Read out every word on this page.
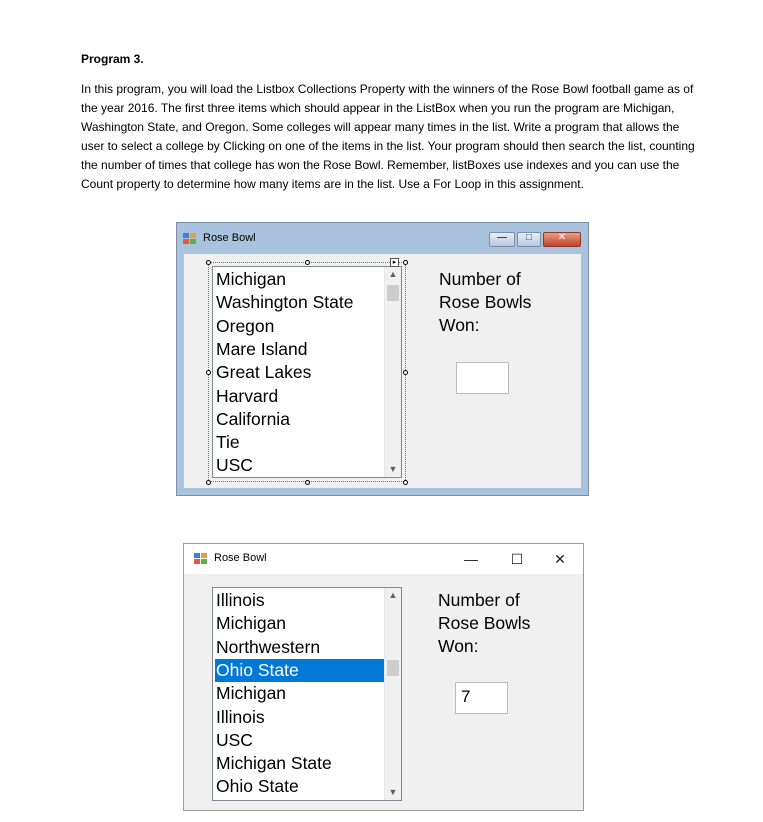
Program 3.
In this program, you will load the Listbox Collections Property with the winners of the Rose Bowl football game as of the year 2016. The first three items which should appear in the ListBox when you run the program are Michigan, Washington State, and Oregon. Some colleges will appear many times in the list. Write a program that allows the user to select a college by Clicking on one of the items in the list. Your program should then search the list, counting the number of times that college has won the Rose Bowl. Remember, listBoxes use indexes and you can use the Count property to determine how many items are in the list. Use a For Loop in this assignment.
Rose Bowl	—	□	✕
USC
Tie
California
Harvard
Great Lakes
Mare Island
Oregon
Washington State
Michigan	▲
▼
▸
Number of
Rose Bowls
Won:
Rose Bowl	—	☐	✕
Ohio State
Michigan State
USC
Illinois
Michigan
Ohio State
Northwestern
Michigan
Illinois	▲
▼
Number of
Rose Bowls
Won:
7
